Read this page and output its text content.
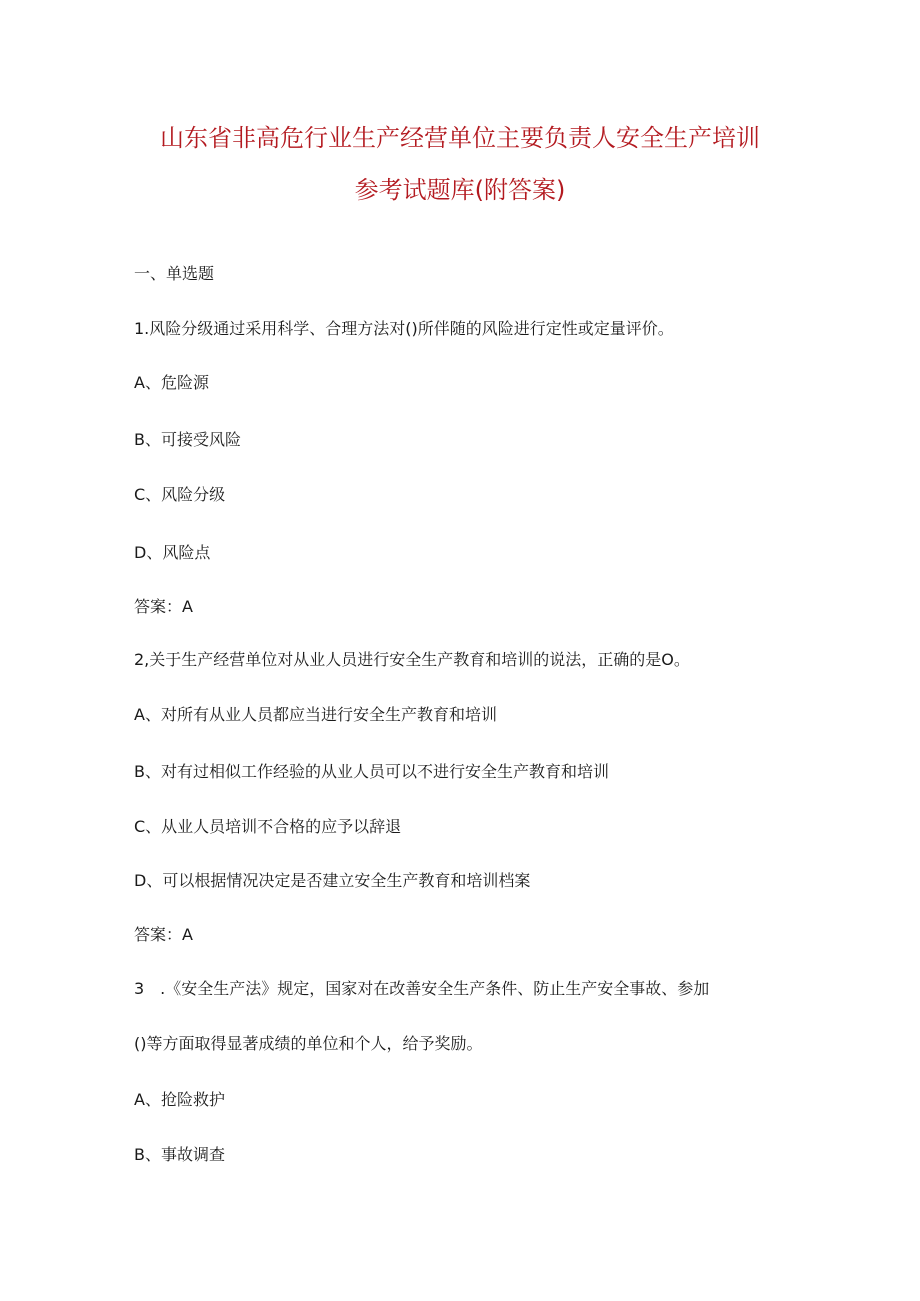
山东省非高危行业生产经营单位主要负责人安全生产培训
参考试题库(附答案)
一、单选题
1.风险分级通过采用科学、合理方法对()所伴随的风险进行定性或定量评价。
A、危险源
B、可接受风险
C、风险分级
D、风险点
答案：A
2,关于生产经营单位对从业人员进行安全生产教育和培训的说法，正确的是O。
A、对所有从业人员都应当进行安全生产教育和培训
B、对有过相似工作经验的从业人员可以不进行安全生产教育和培训
C、从业人员培训不合格的应予以辞退
D、可以根据情况决定是否建立安全生产教育和培训档案
答案：A
3　.《安全生产法》规定，国家对在改善安全生产条件、防止生产安全事故、参加
()等方面取得显著成绩的单位和个人，给予奖励。
A、抢险救护
B、事故调查
